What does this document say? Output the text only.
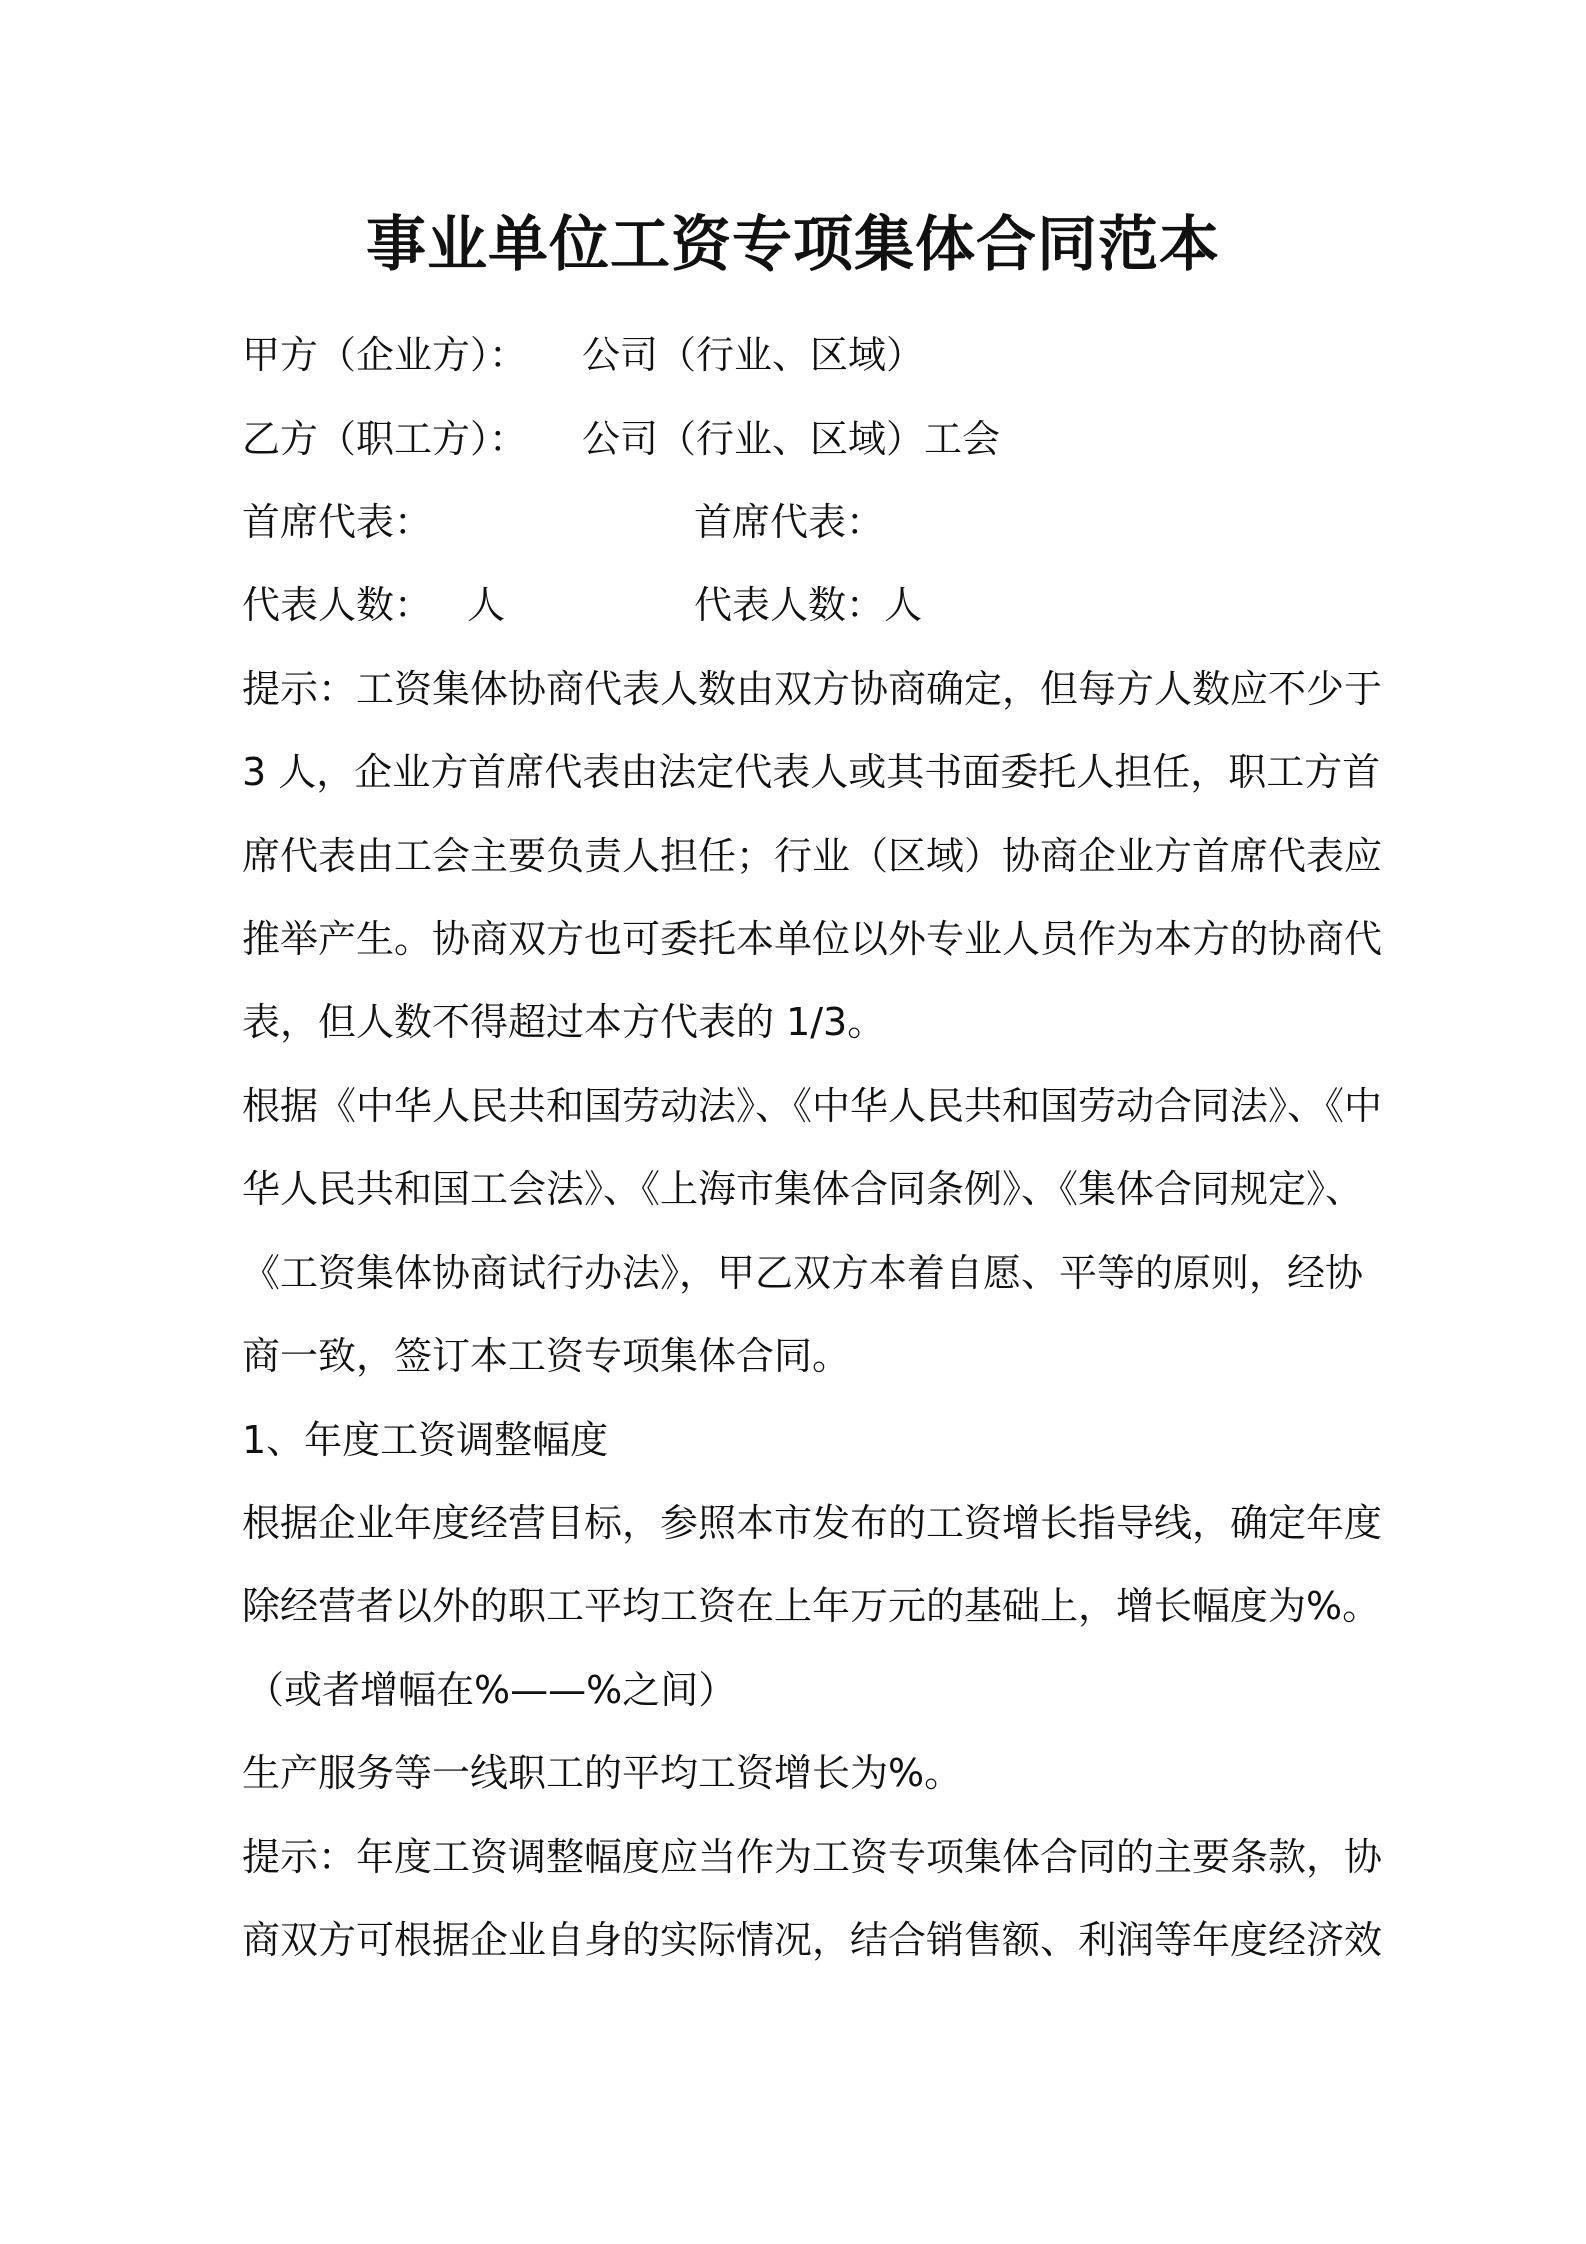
事业单位工资专项集体合同范本
甲方（企业方）： 公司（行业、区域）
乙方（职工方）： 公司（行业、区域）工会
首席代表：	首席代表：
代表人数： 人	代表人数： 人
提示：工资集体协商代表人数由双方协商确定，但每方人数应不少于
3 人，企业方首席代表由法定代表人或其书面委托人担任，职工方首
席代表由工会主要负责人担任；行业（区域）协商企业方首席代表应
推举产生。协商双方也可委托本单位以外专业人员作为本方的协商代
表，但人数不得超过本方代表的 1/3。
根据《中华人民共和国劳动法》、《中华人民共和国劳动合同法》、《中
华人民共和国工会法》、《上海市集体合同条例》、《集体合同规定》、
《工资集体协商试行办法》，甲乙双方本着自愿、平等的原则，经协
商一致，签订本工资专项集体合同。
1、年度工资调整幅度
根据企业年度经营目标，参照本市发布的工资增长指导线，确定年度
除经营者以外的职工平均工资在上年万元的基础上，增长幅度为%。
（或者增幅在%——%之间）
生产服务等一线职工的平均工资增长为%。
提示：年度工资调整幅度应当作为工资专项集体合同的主要条款，协
商双方可根据企业自身的实际情况，结合销售额、利润等年度经济效
